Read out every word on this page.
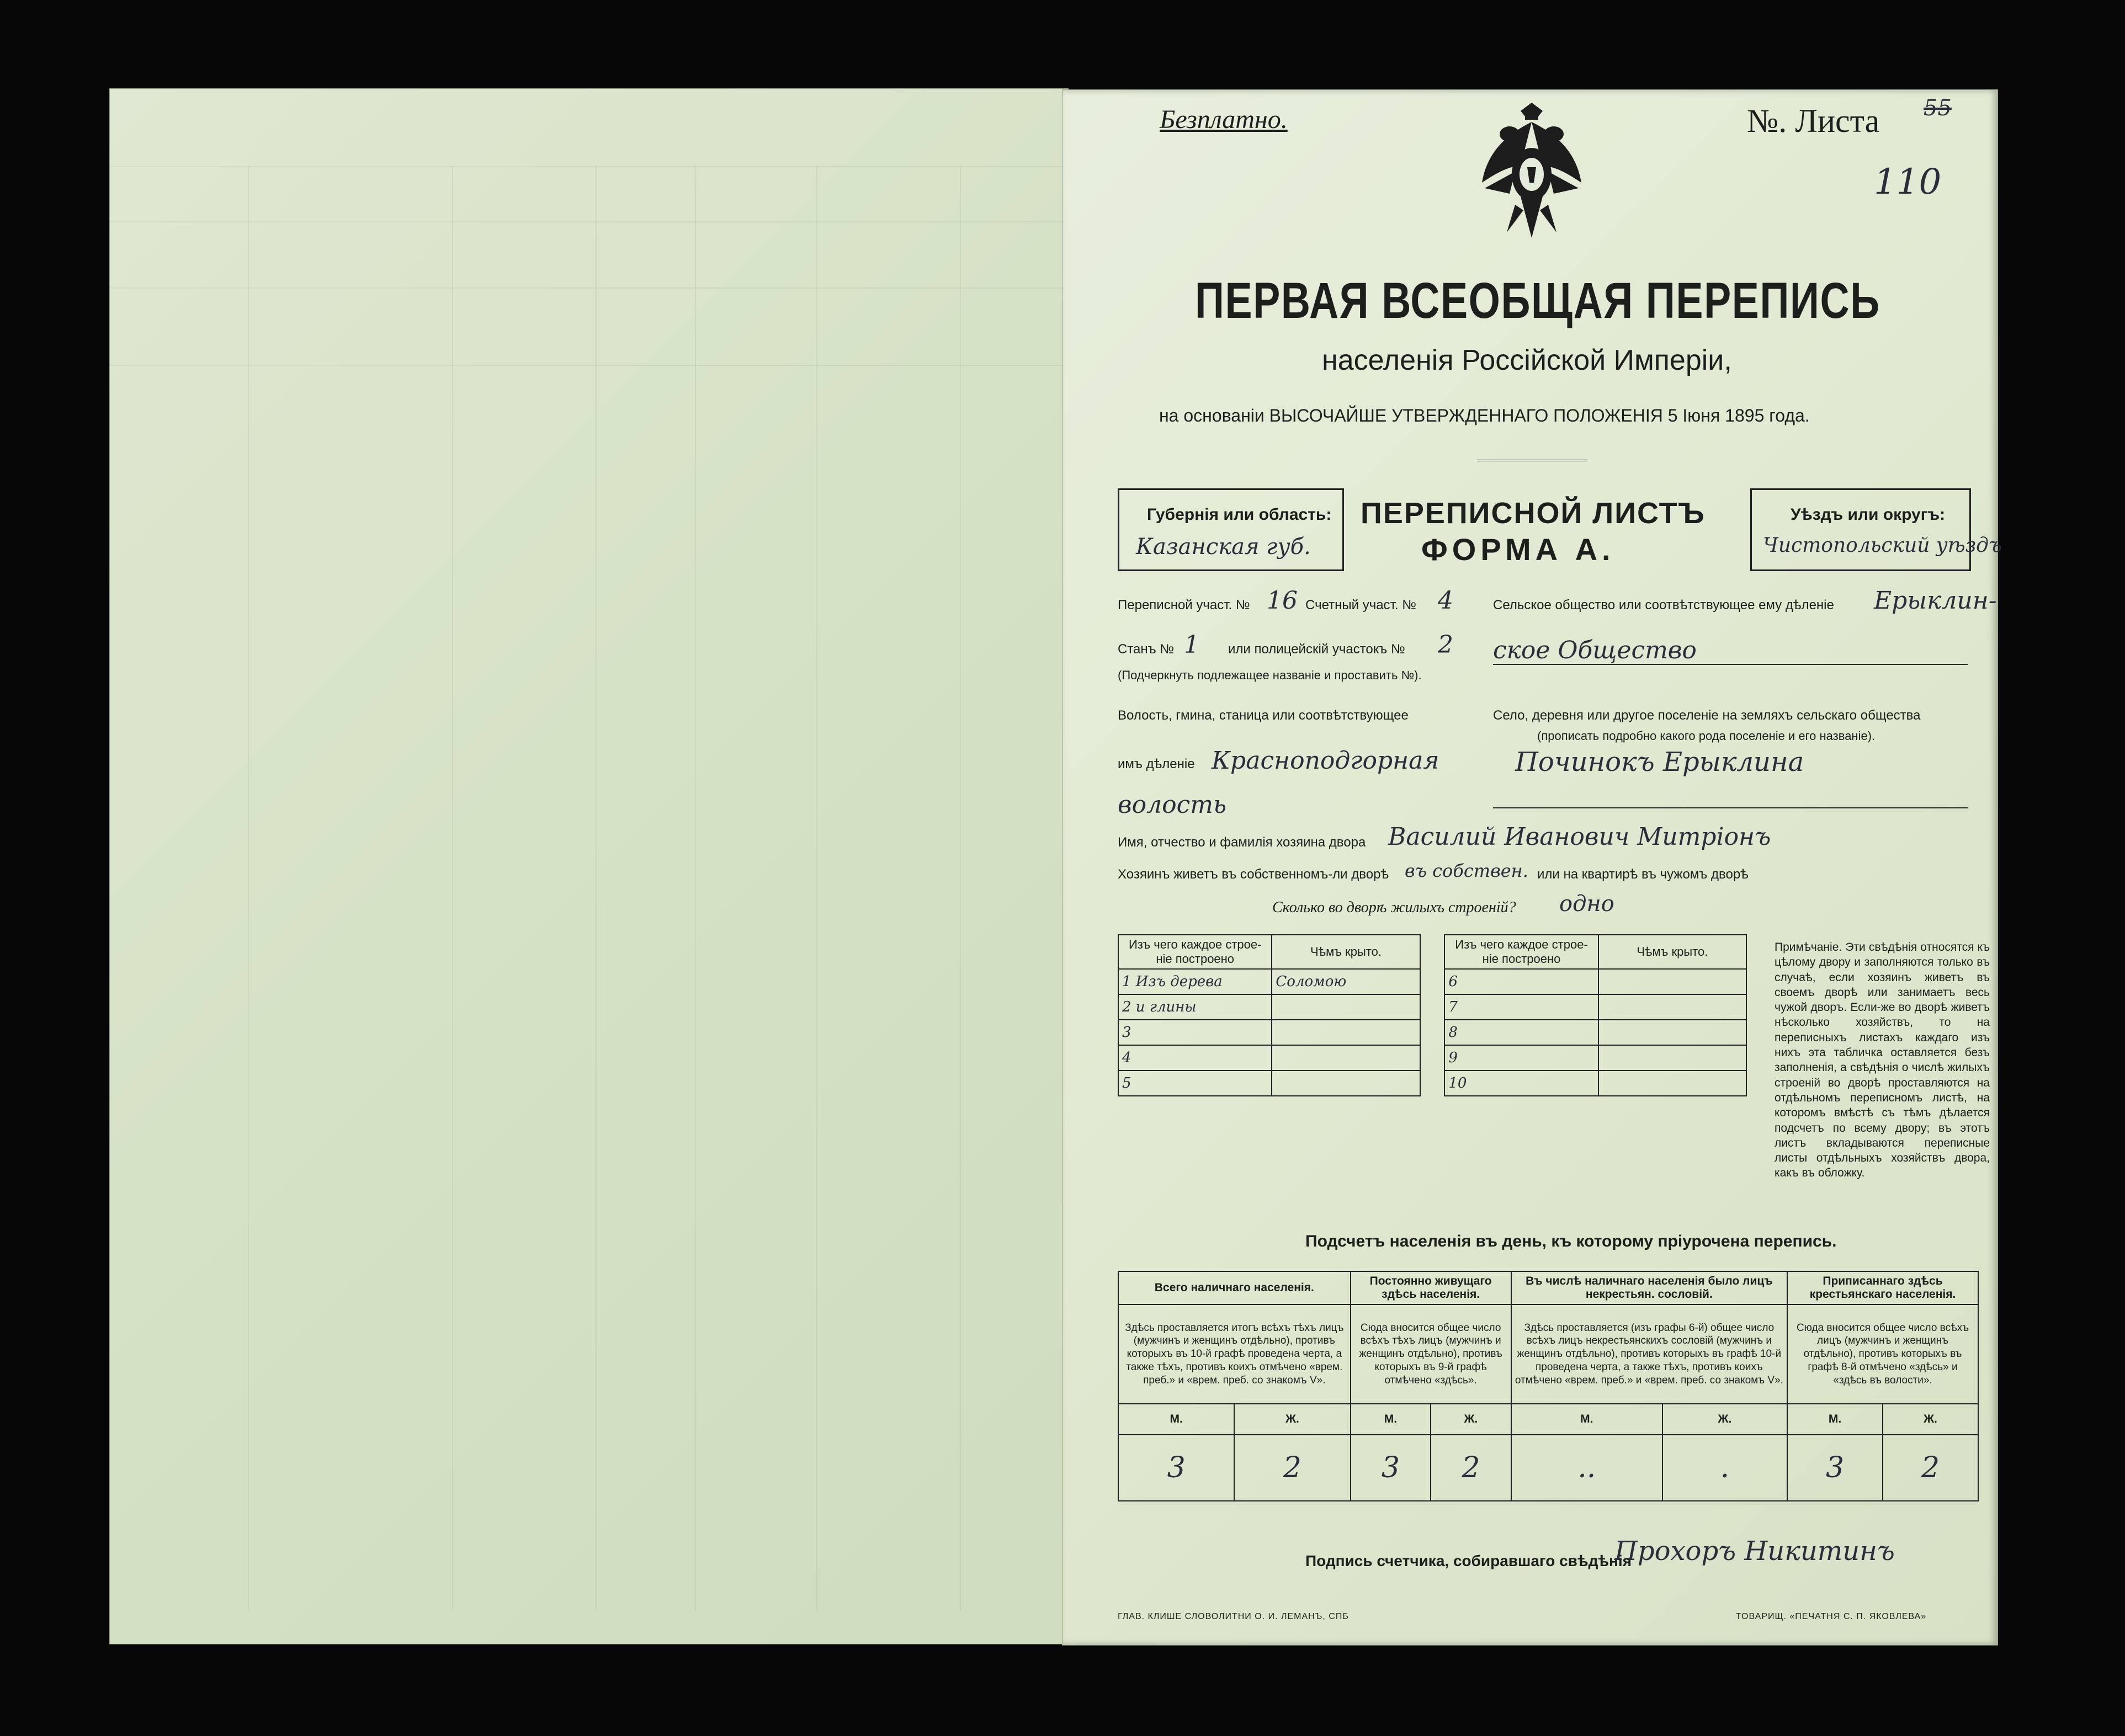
Безплатно.	№. Листа 55
110
ПЕРВАЯ ВСЕОБЩАЯ ПЕРЕПИСЬ
населенія Россійской Имперіи,
на основаніи ВЫСОЧАЙШЕ УТВЕРЖДЕННАГО ПОЛОЖЕНІЯ 5 Іюня 1895 года.
Губернія или область:
Казанская губ.
ПЕРЕПИСНОЙ ЛИСТЪ
ФОРМА А.
Уѣздъ или округъ:
Чистопольский уѣздъ
Переписной участ. № 16 Счетный участ. № 4
Станъ № 1 или полицейскій участокъ № 2
(Подчеркнуть подлежащее названіе и проставить №).
Волость, гмина, станица или соотвѣтствующее
имъ дѣленіе Красноподгорная
волость
Сельское общество или соотвѣтствующее ему дѣленіе Ерыклин-
ское Общество
Село, деревня или другое поселеніе на земляхъ сельскаго общества
(прописать подробно какого рода поселеніе и его названіе).
Починокъ Ерыклина
Имя, отчество и фамилія хозяина двора Василий Иванович Митрiонъ
Хозяинъ живетъ въ собственномъ-ли дворѣ въ собствен. или на квартирѣ въ чужомъ дворѣ
Сколько во дворѣ жилыхъ строеній? одно
Изъ чего каждое строе-ніе построено	Чѣмъ крыто.		Изъ чего каждое строе-ніе построено	Чѣмъ крыто.
1 Изъ дерева	Соломою		6	
2 и глины			7	
3			8	
4			9	
5			10	
Примѣчаніе. Эти свѣдѣнія относятся къ цѣлому двору и заполняются только въ случаѣ, если хозяинъ живетъ въ своемъ дворѣ или занимаетъ весь чужой дворъ. Если-же во дворѣ живетъ нѣсколько хозяйствъ, то на переписныхъ листахъ каждаго изъ нихъ эта табличка оставляется безъ заполненія, а свѣдѣнія о числѣ жилыхъ строеній во дворѣ проставляются на отдѣльномъ переписномъ листѣ, на которомъ вмѣстѣ съ тѣмъ дѣлается подсчетъ по всему двору; въ этотъ листъ вкладываются переписные листы отдѣльныхъ хозяйствъ двора, какъ въ обложку.
Подсчетъ населенія въ день, къ которому пріурочена перепись.
Всего наличнаго населенія.		Постоянно живущаго здѣсь населенія.		Въ числѣ наличнаго населенія было лицъ некрестьян. сословій.		Приписаннаго здѣсь крестьянскаго населенія.	
Здѣсь проставляется итогъ всѣхъ тѣхъ лицъ (мужчинъ и женщинъ отдѣльно), противъ которыхъ въ 10-й графѣ проведена черта, а также тѣхъ, противъ коихъ отмѣчено «врем. преб.» и «врем. преб. со знакомъ V».		Сюда вносится общее число всѣхъ тѣхъ лицъ (мужчинъ и женщинъ отдѣльно), противъ которыхъ въ 9-й графѣ отмѣчено «здѣсь».		Здѣсь проставляется (изъ графы 6-й) общее число всѣхъ лицъ некрестьянскихъ сословій (мужчинъ и женщинъ отдѣльно), противъ которыхъ въ графѣ 10-й проведена черта, а также тѣхъ, противъ коихъ отмѣчено «врем. преб.» и «врем. преб. со знакомъ V».		Сюда вносится общее число всѣхъ лицъ (мужчинъ и женщинъ отдѣльно), противъ которыхъ въ графѣ 8-й отмѣчено «здѣсь» и «здѣсь въ волости».	
М.	Ж.	М.	Ж.	М.	Ж.	М.	Ж.
3	2	3	2	..	.	3	2
Подпись счетчика, собиравшаго свѣдѣнія
Прохоръ Никитинъ
ГЛАВ. КЛИШЕ СЛОВОЛИТНИ О. И. ЛЕМАНЪ, СПБ	ТОВАРИЩ. «ПЕЧАТНЯ С. П. ЯКОВЛЕВА»
